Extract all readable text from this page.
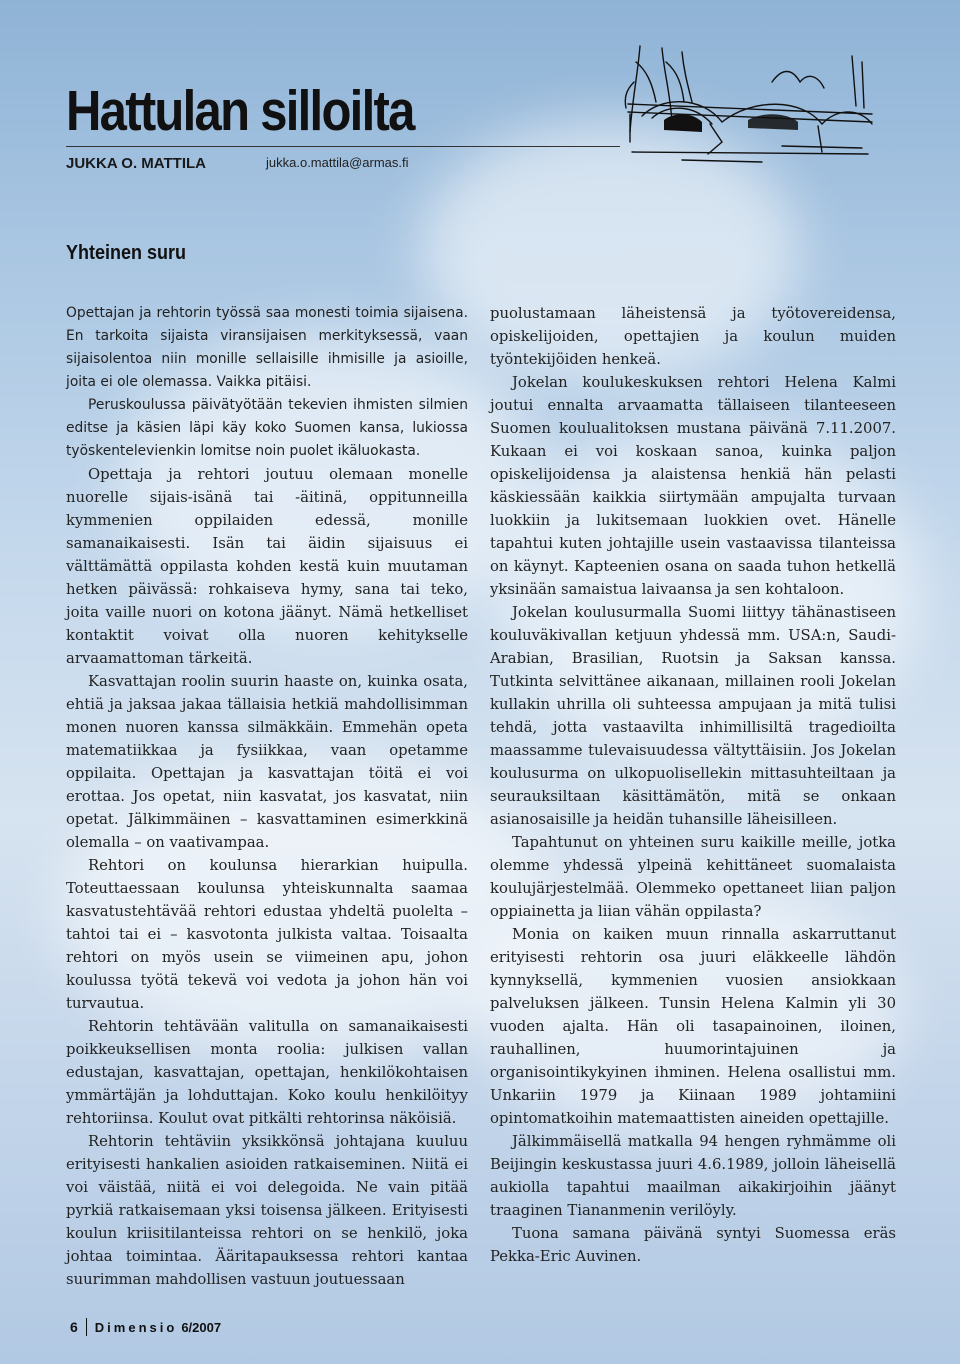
Hattulan silloilta
JUKKA O. MATTILA	jukka.o.mattila@armas.fi
Yhteinen suru

Opettajan ja rehtorin työssä saa monesti toimia sijaisena. En tarkoita sijaista viransijaisen merkityksessä, vaan sijaisolentoa niin monille sellaisille ihmisille ja asioille, joita ei ole olemassa. Vaikka pitäisi.

Peruskoulussa päivätyötään tekevien ihmisten silmien editse ja käsien läpi käy koko Suomen kansa, lukiossa työskentelevienkin lomitse noin puolet ikäluokasta.

Opettaja ja rehtori joutuu olemaan monelle nuorelle sijais-isänä tai -äitinä, oppitunneilla kymmenien oppilaiden edessä, monille samanaikaisesti. Isän tai äidin sijaisuus ei välttämättä oppilasta kohden kestä kuin muutaman hetken päivässä: rohkaiseva hymy, sana tai teko, joita vaille nuori on kotona jäänyt. Nämä hetkelliset kontaktit voivat olla nuoren kehitykselle arvaamattoman tärkeitä.

Kasvattajan roolin suurin haaste on, kuinka osata, ehtiä ja jaksaa jakaa tällaisia hetkiä mahdollisimman monen nuoren kanssa silmäkkäin. Emmehän opeta matematiikkaa ja fysiikkaa, vaan opetamme oppilaita. Opettajan ja kasvattajan töitä ei voi erottaa. Jos opetat, niin kasvatat, jos kasvatat, niin opetat. Jälkimmäinen – kasvattaminen esimerkkinä olemalla – on vaativampaa.

Rehtori on koulunsa hierarkian huipulla. Toteuttaessaan koulunsa yhteiskunnalta saamaa kasvatustehtävää rehtori edustaa yhdeltä puolelta – tahtoi tai ei – kasvotonta julkista valtaa. Toisaalta rehtori on myös usein se viimeinen apu, johon koulussa työtä tekevä voi vedota ja johon hän voi turvautua.

Rehtorin tehtävään valitulla on samanaikaisesti poikkeuksellisen monta roolia: julkisen vallan edustajan, kasvattajan, opettajan, henkilökohtaisen ymmärtäjän ja lohduttajan. Koko koulu henkilöityy rehtoriinsa. Koulut ovat pitkälti rehtorinsa näköisiä.

Rehtorin tehtäviin yksikkönsä johtajana kuuluu erityisesti hankalien asioiden ratkaiseminen. Niitä ei voi väistää, niitä ei voi delegoida. Ne vain pitää pyrkiä ratkaisemaan yksi toisensa jälkeen. Erityisesti koulun kriisitilanteissa rehtori on se henkilö, joka johtaa toimintaa. Ääritapauksessa rehtori kantaa suurimman mahdollisen vastuun joutuessaan

puolustamaan läheistensä ja työtovereidensa, opiskelijoiden, opettajien ja koulun muiden työntekijöiden henkeä.

Jokelan koulukeskuksen rehtori Helena Kalmi joutui ennalta arvaamatta tällaiseen tilanteeseen Suomen koulualitoksen mustana päivänä 7.11.2007. Kukaan ei voi koskaan sanoa, kuinka paljon opiskelijoidensa ja alaistensa henkiä hän pelasti käskiessään kaikkia siirtymään ampujalta turvaan luokkiin ja lukitsemaan luokkien ovet. Hänelle tapahtui kuten johtajille usein vastaavissa tilanteissa on käynyt. Kapteenien osana on saada tuhon hetkellä yksinään samaistua laivaansa ja sen kohtaloon.

Jokelan koulusurmalla Suomi liittyy tähänastiseen kouluväkivallan ketjuun yhdessä mm. USA:n, Saudi-Arabian, Brasilian, Ruotsin ja Saksan kanssa. Tutkinta selvittänee aikanaan, millainen rooli Jokelan kullakin uhrilla oli suhteessa ampujaan ja mitä tulisi tehdä, jotta vastaavilta inhimillisiltä tragedioilta maassamme tulevaisuudessa vältyttäisiin. Jos Jokelan koulusurma on ulkopuolisellekin mittasuhteiltaan ja seurauksiltaan käsittämätön, mitä se onkaan asianosaisille ja heidän tuhansille läheisilleen.

Tapahtunut on yhteinen suru kaikille meille, jotka olemme yhdessä ylpeinä kehittäneet suomalaista koulujärjestelmää. Olemmeko opettaneet liian paljon oppiainetta ja liian vähän oppilasta?

Monia on kaiken muun rinnalla askarruttanut erityisesti rehtorin osa juuri eläkkeelle lähdön kynnyksellä, kymmenien vuosien ansiokkaan palveluksen jälkeen. Tunsin Helena Kalmin yli 30 vuoden ajalta. Hän oli tasapainoinen, iloinen, rauhallinen, huumorintajuinen ja organisointikykyinen ihminen. Helena osallistui mm. Unkariin 1979 ja Kiinaan 1989 johtamiini opintomatkoihin matemaattisten aineiden opettajille.

Jälkimmäisellä matkalla 94 hengen ryhmämme oli Beijingin keskustassa juuri 4.6.1989, jolloin läheisellä aukiolla tapahtui maailman aikakirjoihin jäänyt traaginen Tiananmenin verilöyly.

Tuona samana päivänä syntyi Suomessa eräs Pekka-Eric Auvinen.

6 Dimensio 6/2007
